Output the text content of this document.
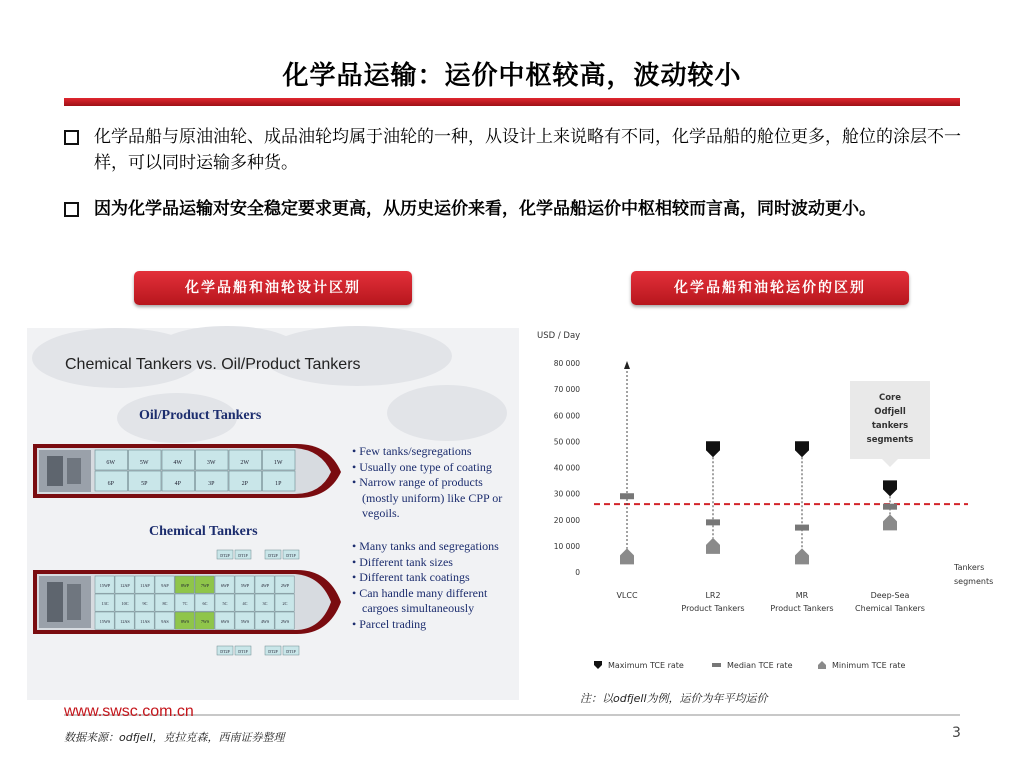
化学品运输：运价中枢较高，波动较小
化学品船与原油油轮、成品油轮均属于油轮的一种，从设计上来说略有不同，化学品船的舱位更多，舱位的涂层不一样，可以同时运输多种货。
因为化学品运输对安全稳定要求更高，从历史运价来看，化学品船运价中枢相较而言高，同时波动更小。
化学品船和油轮设计区别	化学品船和油轮运价的区别
Chemical Tankers vs. Oil/Product Tankers
Oil/Product Tankers
6W	5W	4W	3W	2W	1W
6P	5P	4P	3P	2P	1P
• Few tanks/segregations
• Usually one type of coating
• Narrow range of products (mostly uniform) like CPP or vegoils.
Chemical Tankers
DT2P DT1P	DT2P DT1P
15WP 12AP	11AP	9AP	8WP	7WP	6WP	5WP	4WP	2WP
13C	10C	9C	8C	7C	6C	5C	4C	3C	2C
15WS 12AS	11AS	9AS	8WS	7WS	6WS	5WS	4WS	2WS
DT2P DT1P	DT2P DT1P
• Many tanks and segregations
• Different tank sizes
• Different tank coatings
• Can handle many different cargoes simultaneously
• Parcel trading
USD / Day
0
10 000
20 000
30 000
40 000
50 000
60 000
70 000
80 000
Core Odfjell tankers segments
VLCC	LR2
Product Tankers
MR
Product Tankers
Deep-Sea
Chemical Tankers
Tankers segments
Maximum TCE rate	Median TCE rate	Minimum TCE rate
注：以odfjell为例，运价为年平均运价
www.swsc.com.cn
数据来源：odfjell，克拉克森，西南证券整理	3
